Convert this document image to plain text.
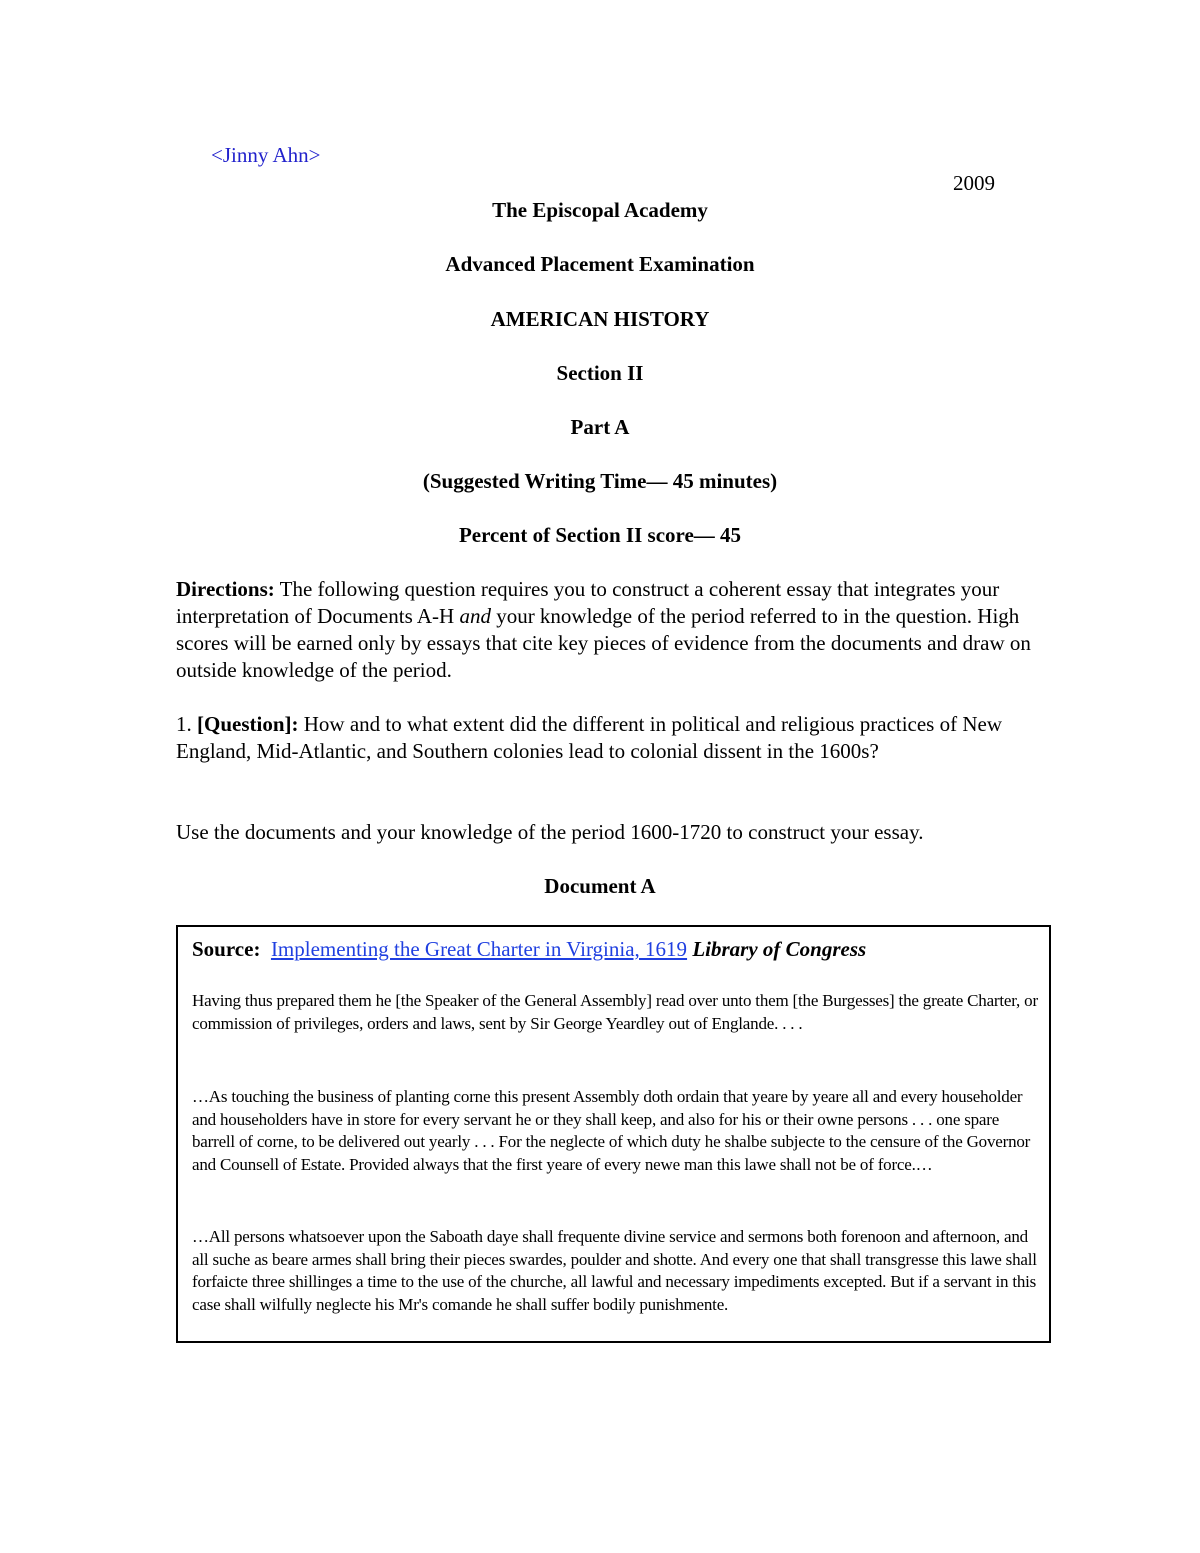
<Jinny Ahn>
2009
The Episcopal Academy
Advanced Placement Examination
AMERICAN HISTORY
Section II
Part A
(Suggested Writing Time— 45 minutes)
Percent of Section II score— 45
Directions: The following question requires you to construct a coherent essay that integrates your interpretation of Documents A-H and your knowledge of the period referred to in the question. High scores will be earned only by essays that cite key pieces of evidence from the documents and draw on outside knowledge of the period.
1. [Question]: How and to what extent did the different in political and religious practices of New England, Mid-Atlantic, and Southern colonies lead to colonial dissent in the 1600s?
Use the documents and your knowledge of the period 1600-1720 to construct your essay.
Document A
Source: Implementing the Great Charter in Virginia, 1619 Library of Congress
Having thus prepared them he [the Speaker of the General Assembly] read over unto them [the Burgesses] the greate Charter, or commission of privileges, orders and laws, sent by Sir George Yeardley out of Englande. . . .
…As touching the business of planting corne this present Assembly doth ordain that yeare by yeare all and every householder and householders have in store for every servant he or they shall keep, and also for his or their owne persons . . . one spare barrell of corne, to be delivered out yearly . . . For the neglecte of which duty he shalbe subjecte to the censure of the Governor and Counsell of Estate. Provided always that the first yeare of every newe man this lawe shall not be of force.…
…All persons whatsoever upon the Saboath daye shall frequente divine service and sermons both forenoon and afternoon, and all suche as beare armes shall bring their pieces swardes, poulder and shotte. And every one that shall transgresse this lawe shall forfaicte three shillinges a time to the use of the churche, all lawful and necessary impediments excepted. But if a servant in this case shall wilfully neglecte his Mr's comande he shall suffer bodily punishmente.
